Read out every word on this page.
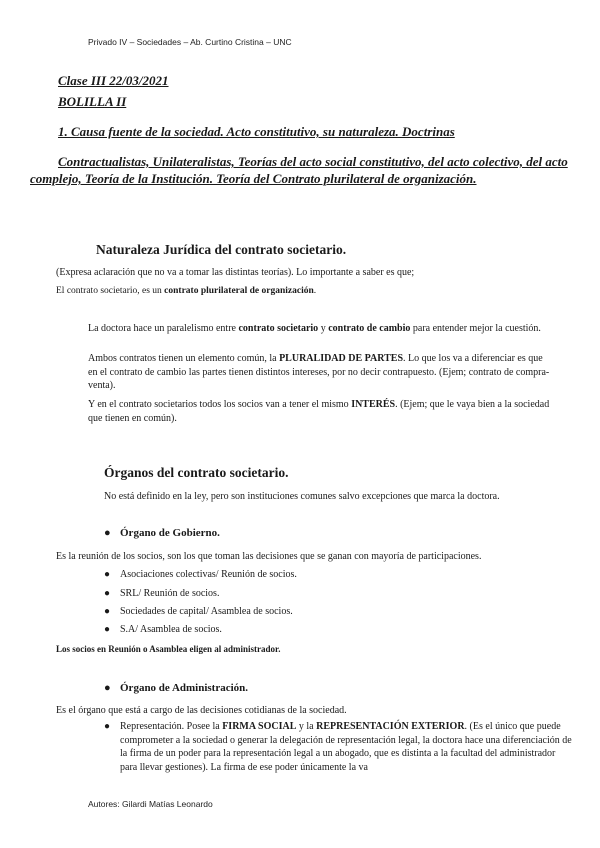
Privado IV – Sociedades – Ab. Curtino Cristina – UNC
Clase III 22/03/2021
BOLILLA II
1. Causa fuente de la sociedad. Acto constitutivo, su naturaleza. Doctrinas
Contractualistas, Unilateralistas, Teorías del acto social constitutivo, del acto colectivo, del acto complejo, Teoría de la Institución. Teoría del Contrato plurilateral de organización.
Naturaleza Jurídica del contrato societario.
(Expresa aclaración que no va a tomar las distintas teorías). Lo importante a saber es que;
El contrato societario, es un contrato plurilateral de organización.
La doctora hace un paralelismo entre contrato societario y contrato de cambio para entender mejor la cuestión.
Ambos contratos tienen un elemento común, la PLURALIDAD DE PARTES. Lo que los va a diferenciar es que en el contrato de cambio las partes tienen distintos intereses, por no decir contrapuesto. (Ejem; contrato de compra-venta).
Y en el contrato societarios todos los socios van a tener el mismo INTERÉS. (Ejem; que le vaya bien a la sociedad que tienen en común).
Órganos del contrato societario.
No está definido en la ley, pero son instituciones comunes salvo excepciones que marca la doctora.
● Órgano de Gobierno.
Es la reunión de los socios, son los que toman las decisiones que se ganan con mayoría de participaciones.
● Asociaciones colectivas/ Reunión de socios.
● SRL/ Reunión de socios.
● Sociedades de capital/ Asamblea de socios.
● S.A/ Asamblea de socios.
Los socios en Reunión o Asamblea eligen al administrador.
● Órgano de Administración.
Es el órgano que está a cargo de las decisiones cotidianas de la sociedad.
● Representación. Posee la FIRMA SOCIAL y la REPRESENTACIÓN EXTERIOR. (Es el único que puede comprometer a la sociedad o generar la delegación de representación legal, la doctora hace una diferenciación de la firma de un poder para la representación legal a un abogado, que es distinta a la facultad del administrador para llevar gestiones). La firma de ese poder únicamente la va
Autores: Gilardi Matías Leonardo
